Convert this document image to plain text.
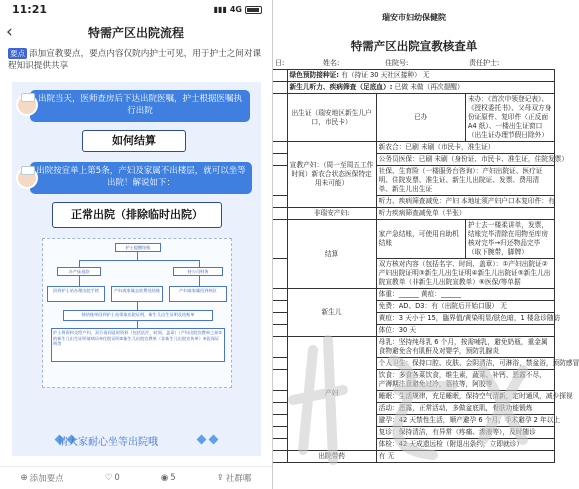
11:21	▮▮▮ 4G
‹	特需产区出院流程
要点 添加宣教要点，要点内容仅院内护士可见，用于护士之间对课程知识提供共享
出院当天，医师查房后下达出院医嘱，护士根据医嘱执行出院
如何结算
出院按宣单上第5条，产妇及家属不出楼层，就可以坐等出院！解说如下：
正常出院（排除临时出院）
护士提醒结账
办产床退款	持公司财务
回到护士站办理出院手续	产妇或家属去收费处结账	产妇或家属回到病区
持结账单回到护士站领取出院证明，新生儿出生证明及结账单
护士将资料交给产妇，双方再同意时资料（包括医疗、时间、盖章）（产妇出院宣教单之前②的新生儿出生证明请病历④住院证明⑤新生儿出院宣教单（非新生儿出院宣传单）④医保证明等
请大家耐心坐等出院哦
⊕ 添加要点	♡ 0	◉ 5	⇪ 社群哪
瑞安市妇幼保健院
特需产区出院宣教核查单
日:	姓名:	住院号:	责任护士:
	绿色预防接种证: 有（持证 30 天社区接种） 无		
	新生儿听力、疾病筛查（足底血）: 已做 未做（再次提醒）		
	出生证（瑞安地区新生儿户口，市民卡）	已办	未办：《首次申领登记表》、《授权委托书》、父母双方身份证原件、复印件（正反面 A4 纸）、一楼出生证窗口（出生证办理节假日除外）
	宣教产妇：（周一至周五工作时间）新农合状态医保特定用未可能）	新农合：已刷 未刷（市民卡，准生证）	
		公务员医保：已刷 未刷（身份证、市民卡、准生证，住院发票）	
		社保、生育险（一楼服务台咨询）：产妇出院证、医疗证明、住院发票、准生证、新生儿出院证、发票、费用清单、新生儿出生证	
		听力、疾病筛查减免：产妇 本地址须产妇户口本复印件：有	
	非瑞安产妇:	听力疾病筛查减免单（半张）	
	结算	家产急结账，可使用自助机结账	护士去一楼柔讲单，发票，结账完毕清除在用物至库房核对完毕→归还物品完毕（取下腕带，脚牌）
		双方核对内容（包括名字、时间、盖章）：①产妇出院证②产妇出院证明③新生儿出生证明④新生儿出院证⑤新生儿出院宣教单（非新生儿出院宣教单）⑥医保/等单据	
	新生儿	体重：______ 黄疸：______	
		免费：AD、D3：有（出院后开始口服） 无	
		黄疸：3 天小于 15，臨界值/黄染明显/肤色暗，1 楼急诊随访	
		体位：30 天	
	产妇	母乳：坚持纯母乳 6 个月，按需哺乳，避免奶瓶，重金属食物避免含有肌酐及对婴学，预防乳腺炎	
		个人卫生：保持口腔、皮肤、会阴清洁，可淋浴，禁盆浴，预防感冒	
		饮食：多食各菜饮食，维生素，蔬菜、补钙、恶露不尽，产褥期注意避免过冷，荔枝等，阿胶等	
		睡眠：生活规律，充足睡眠，保持空气清新，定时通风，减少探视	
		活动：恶露，正常活动，多做盆底肌，骨肤功能锻炼	
		避孕：42 天禁性生活，顺产避孕 6 个月，手术避孕 2 年以上	
		复诊：保持清洁，有异常（疼痛、渗液等），及时随诊	
		体检：42 天成遗远检（附退出条约，立即就诊）	
	出院带药	有 无	
